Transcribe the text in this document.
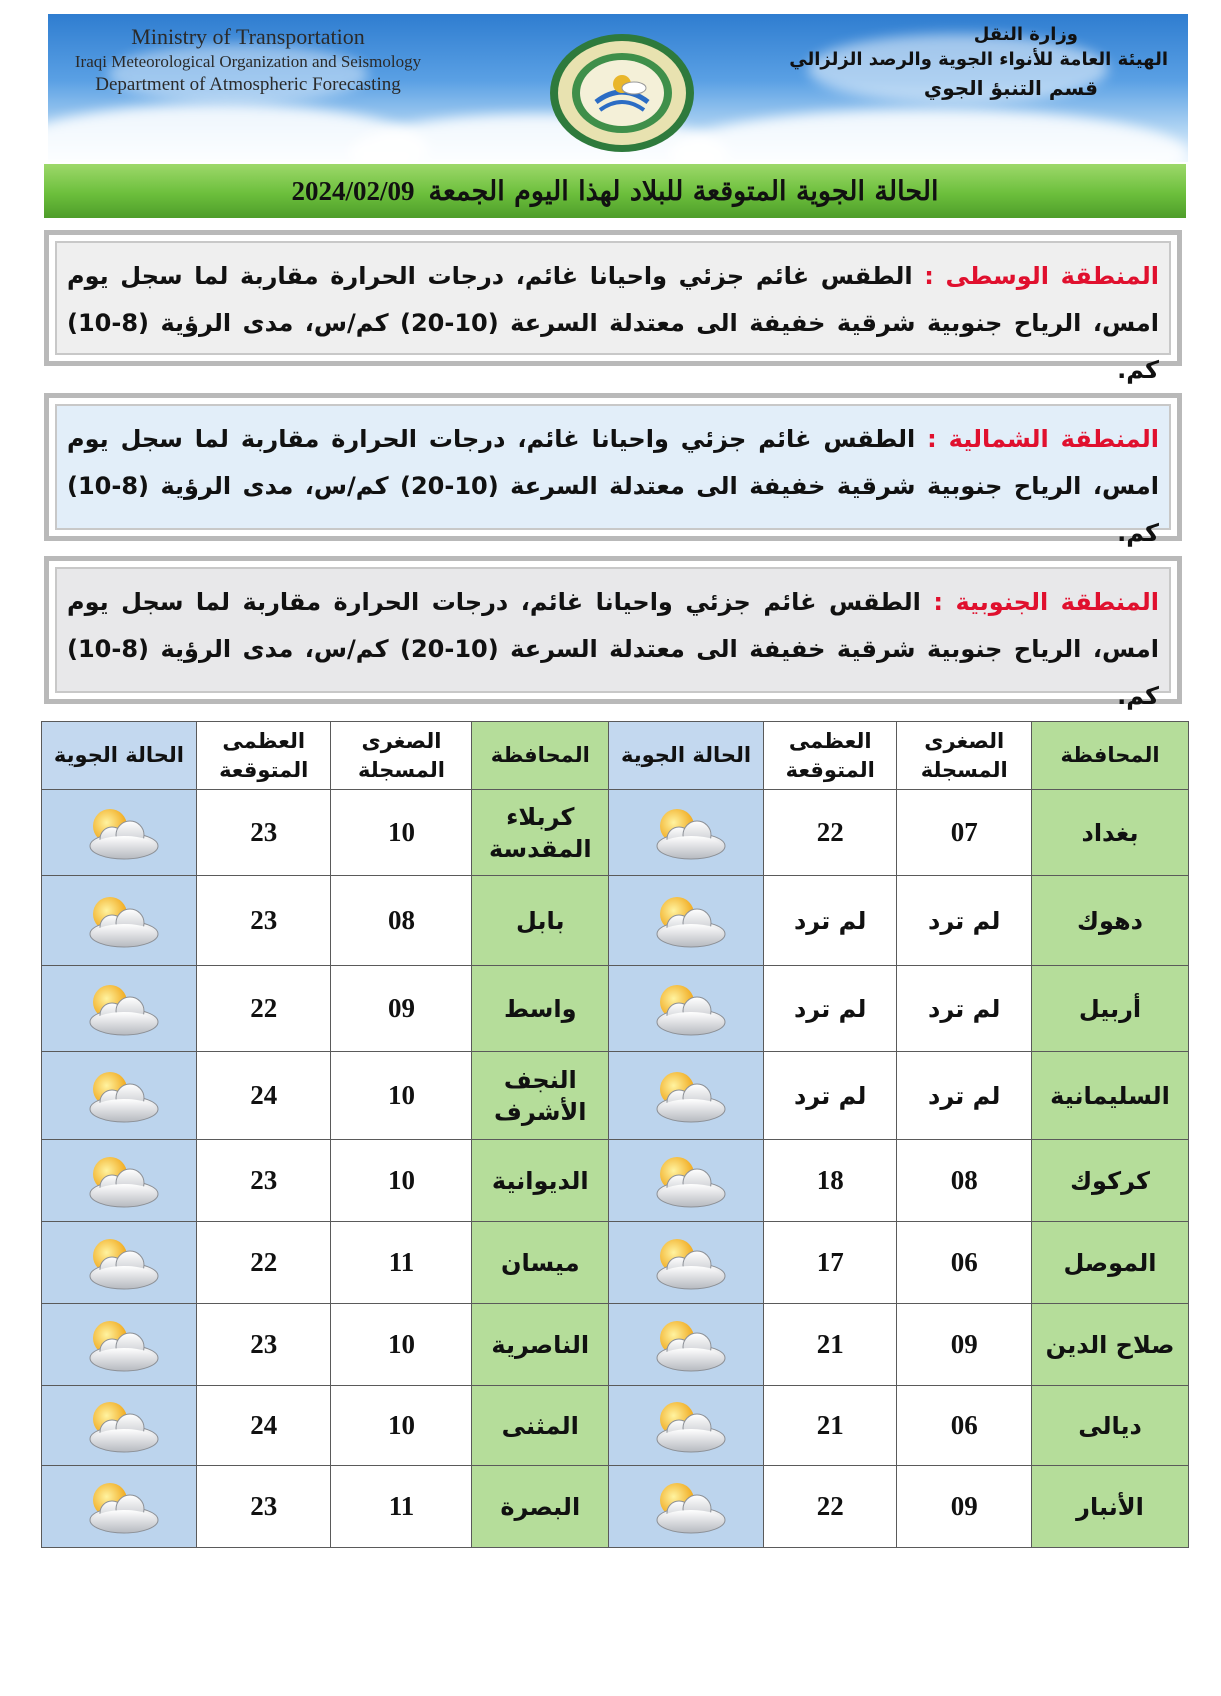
Ministry of Transportation
Iraqi Meteorological Organization and Seismology
Department of Atmospheric Forecasting
وزارة النقل
الهيئة العامة للأنواء الجوية والرصد الزلزالي
قسم التنبؤ الجوي
الحالة الجوية المتوقعة للبلاد لهذا اليوم الجمعة
2024/02/09
المنطقة الوسطى : الطقس غائم جزئي واحيانا غائم، درجات الحرارة مقاربة لما سجل يوم امس، الرياح جنوبية شرقية خفيفة الى معتدلة السرعة (10-20) كم/س، مدى الرؤية (8-10) كم.
المنطقة الشمالية : الطقس غائم جزئي واحيانا غائم، درجات الحرارة مقاربة لما سجل يوم امس، الرياح جنوبية شرقية خفيفة الى معتدلة السرعة (10-20) كم/س، مدى الرؤية (8-10) كم.
المنطقة الجنوبية : الطقس غائم جزئي واحيانا غائم، درجات الحرارة مقاربة لما سجل يوم امس، الرياح جنوبية شرقية خفيفة الى معتدلة السرعة (10-20) كم/س، مدى الرؤية (8-10) كم.
المحافظة	الصغرى المسجلة	العظمى المتوقعة	الحالة الجوية	المحافظة	الصغرى المسجلة	العظمى المتوقعة	الحالة الجوية
بغداد	07	22		كربلاء المقدسة	10	23	

دهوك	لم ترد	لم ترد		بابل	08	23	

أربيل	لم ترد	لم ترد		واسط	09	22	

السليمانية	لم ترد	لم ترد		النجف الأشرف	10	24	

كركوك	08	18		الديوانية	10	23	

الموصل	06	17		ميسان	11	22	

صلاح الدين	09	21		الناصرية	10	23	

ديالى	06	21		المثنى	10	24	

الأنبار	09	22		البصرة	11	23	
